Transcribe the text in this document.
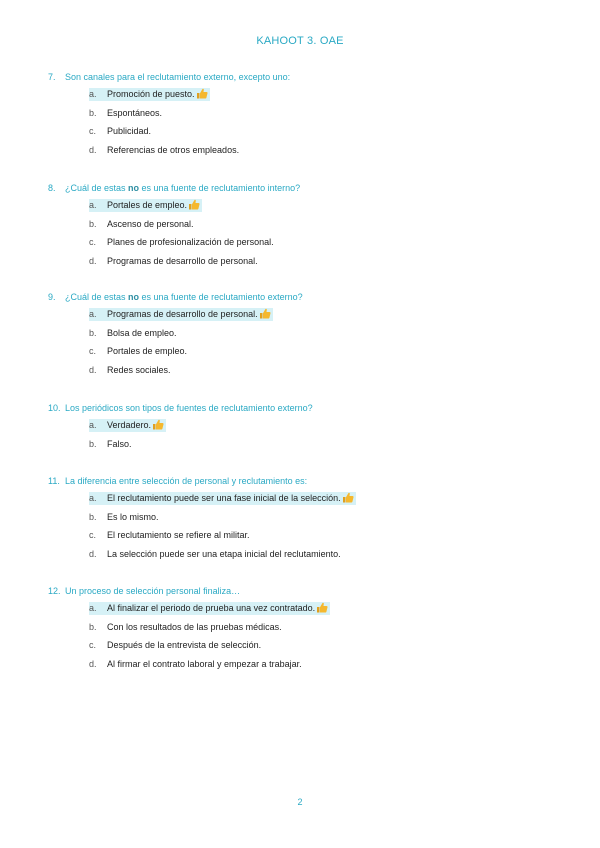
KAHOOT 3. OAE
7. Son canales para el reclutamiento externo, excepto uno:
a. Promoción de puesto.
b. Espontáneos.
c. Publicidad.
d. Referencias de otros empleados.
8. ¿Cuál de estas no es una fuente de reclutamiento interno?
a. Portales de empleo.
b. Ascenso de personal.
c. Planes de profesionalización de personal.
d. Programas de desarrollo de personal.
9. ¿Cuál de estas no es una fuente de reclutamiento externo?
a. Programas de desarrollo de personal.
b. Bolsa de empleo.
c. Portales de empleo.
d. Redes sociales.
10. Los periódicos son tipos de fuentes de reclutamiento externo?
a. Verdadero.
b. Falso.
11. La diferencia entre selección de personal y reclutamiento es:
a. El reclutamiento puede ser una fase inicial de la selección.
b. Es lo mismo.
c. El reclutamiento se refiere al militar.
d. La selección puede ser una etapa inicial del reclutamiento.
12. Un proceso de selección personal finaliza…
a. Al finalizar el periodo de prueba una vez contratado.
b. Con los resultados de las pruebas médicas.
c. Después de la entrevista de selección.
d. Al firmar el contrato laboral y empezar a trabajar.
2
